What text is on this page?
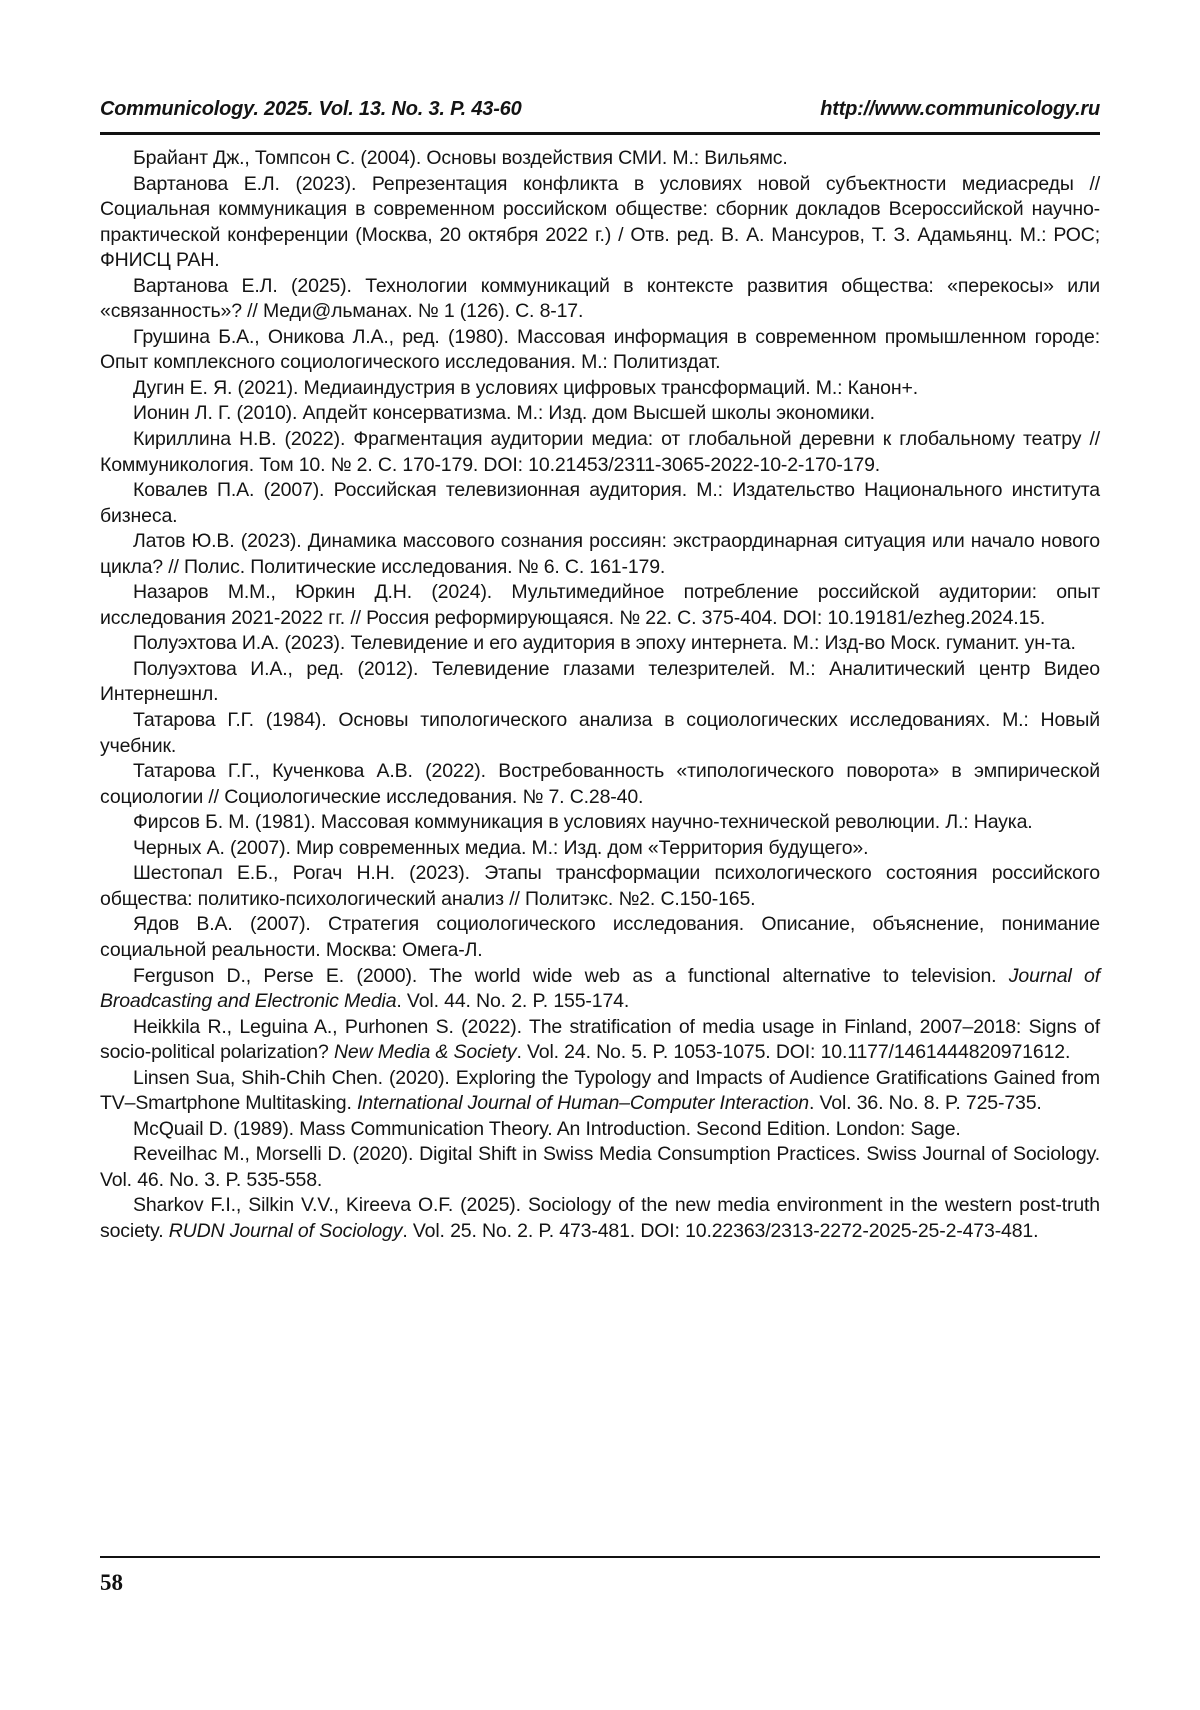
Communicology. 2025. Vol. 13. No. 3. P. 43-60	http://www.communicology.ru

Брайант Дж., Томпсон С. (2004). Основы воздействия СМИ. М.: Вильямс.

Вартанова Е.Л. (2023). Репрезентация конфликта в условиях новой субъектности медиасреды // Социальная коммуникация в современном российском обществе: сборник докладов Всероссийской научно-практической конференции (Москва, 20 октября 2022 г.) / Отв. ред. В. А. Мансуров, Т. З. Адамьянц. М.: РОС; ФНИСЦ РАН.

Вартанова Е.Л. (2025). Технологии коммуникаций в контексте развития общества: «перекосы» или «связанность»? // Меди@льманах. № 1 (126). С. 8-17.

Грушина Б.А., Оникова Л.А., ред. (1980). Массовая информация в современном промышленном городе: Опыт комплексного социологического исследования. М.: Политиздат.

Дугин Е. Я. (2021). Медиаиндустрия в условиях цифровых трансформаций. М.: Канон+.

Ионин Л. Г. (2010). Апдейт консерватизма. М.: Изд. дом Высшей школы экономики.

Кириллина Н.В. (2022). Фрагментация аудитории медиа: от глобальной деревни к глобальному театру // Коммуникология. Том 10. № 2. С. 170-179. DOI: 10.21453/2311-3065-2022-10-2-170-179.

Ковалев П.А. (2007). Российская телевизионная аудитория. М.: Издательство Национального института бизнеса.

Латов Ю.В. (2023). Динамика массового сознания россиян: экстраординарная ситуация или начало нового цикла? // Полис. Политические исследования. № 6. С. 161-179.

Назаров М.М., Юркин Д.Н. (2024). Мультимедийное потребление российской аудитории: опыт исследования 2021-2022 гг. // Россия реформирующаяся. № 22. С. 375-404. DOI: 10.19181/ezheg.2024.15.

Полуэхтова И.А. (2023). Телевидение и его аудитория в эпоху интернета. М.: Изд-во Моск. гуманит. ун-та.

Полуэхтова И.А., ред. (2012). Телевидение глазами телезрителей. М.: Аналитический центр Видео Интернешнл.

Татарова Г.Г. (1984). Основы типологического анализа в социологических исследованиях. М.: Новый учебник.

Татарова Г.Г., Кученкова А.В. (2022). Востребованность «типологического поворота» в эмпирической социологии // Социологические исследования. № 7. С.28-40.

Фирсов Б. М. (1981). Массовая коммуникация в условиях научно-технической революции. Л.: Наука.

Черных А. (2007). Мир современных медиа. М.: Изд. дом «Территория будущего».

Шестопал Е.Б., Рогач Н.Н. (2023). Этапы трансформации психологического состояния российского общества: политико-психологический анализ // Политэкс. №2. С.150-165.

Ядов В.А. (2007). Стратегия социологического исследования. Описание, объяснение, понимание социальной реальности. Москва: Омега-Л.

Ferguson D., Perse E. (2000). The world wide web as a functional alternative to television. Journal of Broadcasting and Electronic Media. Vol. 44. No. 2. P. 155-174.

Heikkila R., Leguina A., Purhonen S. (2022). The stratification of media usage in Finland, 2007–2018: Signs of socio-political polarization? New Media & Society. Vol. 24. No. 5. P. 1053-1075. DOI: 10.1177/1461444820971612.

Linsen Sua, Shih-Chih Chen. (2020). Exploring the Typology and Impacts of Audience Gratifications Gained from TV–Smartphone Multitasking. International Journal of Human–Computer Interaction. Vol. 36. No. 8. P. 725-735.

McQuail D. (1989). Mass Communication Theory. An Introduction. Second Edition. London: Sage.

Reveilhac M., Morselli D. (2020). Digital Shift in Swiss Media Consumption Practices. Swiss Journal of Sociology. Vol. 46. No. 3. P. 535-558.

Sharkov F.I., Silkin V.V., Kireeva O.F. (2025). Sociology of the new media environment in the western post-truth society. RUDN Journal of Sociology. Vol. 25. No. 2. P. 473-481. DOI: 10.22363/2313-2272-2025-25-2-473-481.

58
